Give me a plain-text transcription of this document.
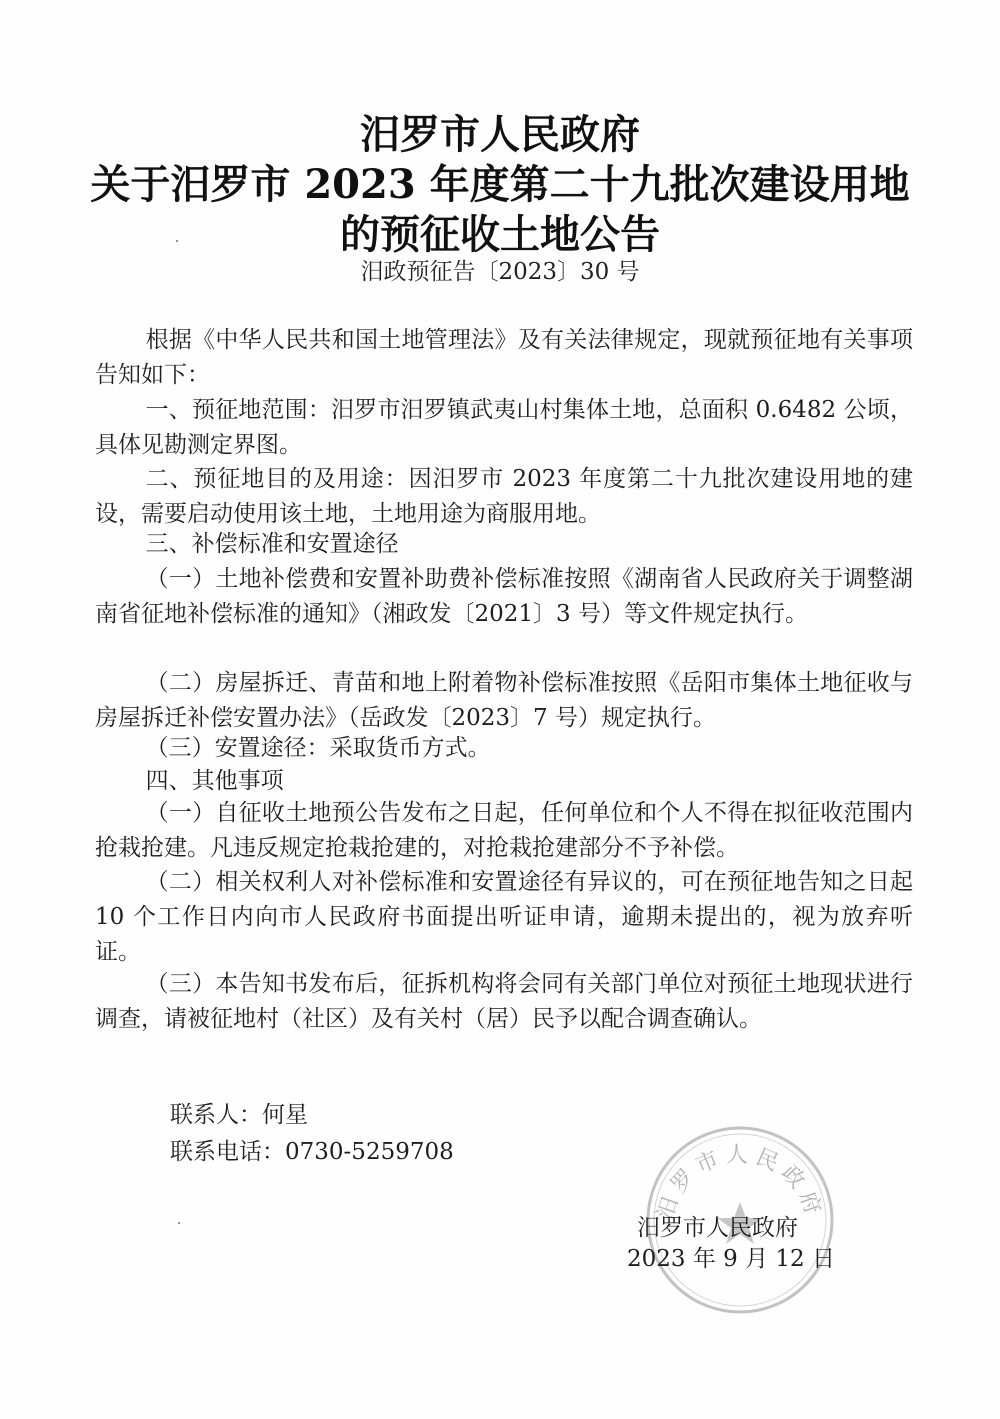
汨罗市人民政府
关于汨罗市 2023 年度第二十九批次建设用地
的预征收土地公告
汨政预征告〔2023〕30 号
根据《中华人民共和国土地管理法》及有关法律规定，现就预征地有关事项告知如下：
一、预征地范围：汨罗市汨罗镇武夷山村集体土地，总面积 0.6482 公顷，具体见勘测定界图。
二、预征地目的及用途：因汨罗市 2023 年度第二十九批次建设用地的建设，需要启动使用该土地，土地用途为商服用地。
三、补偿标准和安置途径
（一）土地补偿费和安置补助费补偿标准按照《湖南省人民政府关于调整湖南省征地补偿标准的通知》（湘政发〔2021〕3 号）等文件规定执行。
（二）房屋拆迁、青苗和地上附着物补偿标准按照《岳阳市集体土地征收与房屋拆迁补偿安置办法》（岳政发〔2023〕7 号）规定执行。
（三）安置途径：采取货币方式。
四、其他事项
（一）自征收土地预公告发布之日起，任何单位和个人不得在拟征收范围内抢栽抢建。凡违反规定抢栽抢建的，对抢栽抢建部分不予补偿。
（二）相关权利人对补偿标准和安置途径有异议的，可在预征地告知之日起 10 个工作日内向市人民政府书面提出听证申请，逾期未提出的，视为放弃听证。
（三）本告知书发布后，征拆机构将会同有关部门单位对预征土地现状进行调查，请被征地村（社区）及有关村（居）民予以配合调查确认。
联系人：何星
联系电话：0730-5259708
汨罗市人民政府
汨罗市人民政府
2023 年 9 月 12 日
